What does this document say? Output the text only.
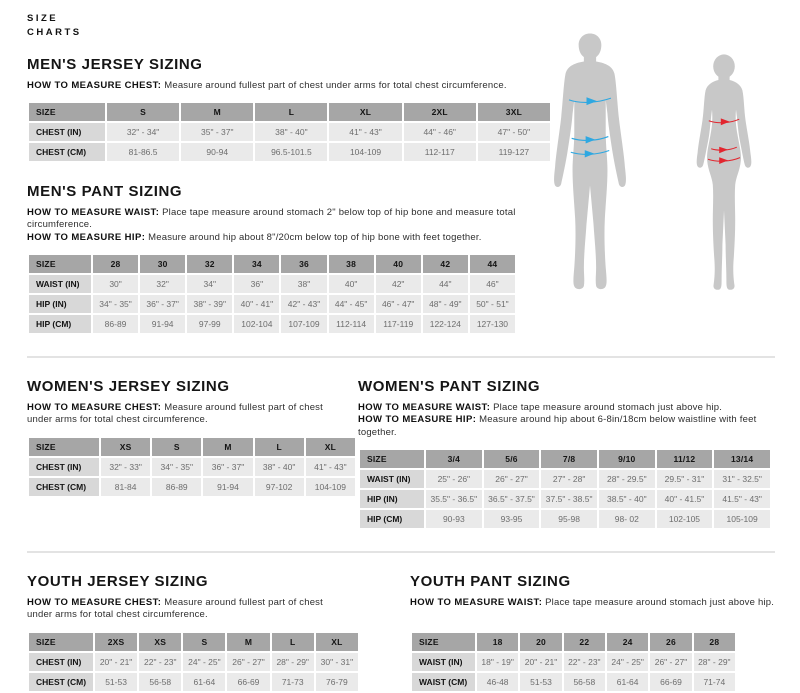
SIZE
CHARTS
MEN'S JERSEY SIZING

HOW TO MEASURE CHEST: Measure around fullest part of chest under arms for total chest circumference.

SIZE	S	M	L	XL	2XL	3XL
CHEST (IN)	32" - 34"	35" - 37"	38" - 40"	41" - 43"	44" - 46"	47" - 50"
CHEST (CM)	81-86.5	90-94	96.5-101.5	104-109	112-117	119-127
MEN'S PANT SIZING

HOW TO MEASURE WAIST: Place tape measure around stomach 2" below top of hip bone and measure total circumference.

HOW TO MEASURE HIP: Measure around hip about 8"/20cm below top of hip bone with feet together.

SIZE	28	30	32	34	36	38	40	42	44
WAIST (IN)	30"	32"	34"	36"	38"	40"	42"	44"	46"
HIP (IN)	34" - 35"	36" - 37"	38" - 39"	40" - 41"	42" - 43"	44" - 45"	46" - 47"	48" - 49"	50" - 51"
HIP (CM)	86-89	91-94	97-99	102-104	107-109	112-114	117-119	122-124	127-130
WOMEN'S JERSEY SIZING

HOW TO MEASURE CHEST: Measure around fullest part of chest under arms for total chest circumference.

SIZE	XS	S	M	L	XL
CHEST (IN)	32" - 33"	34" - 35"	36" - 37"	38" - 40"	41" - 43"
CHEST (CM)	81-84	86-89	91-94	97-102	104-109
WOMEN'S PANT SIZING

HOW TO MEASURE WAIST: Place tape measure around stomach just above hip.
HOW TO MEASURE HIP: Measure around hip about 6-8in/18cm below waistline with feet together.

SIZE	3/4	5/6	7/8	9/10	11/12	13/14
WAIST (IN)	25" - 26"	26" - 27"	27" - 28"	28" - 29.5"	29.5" - 31"	31" - 32.5"
HIP (IN)	35.5" - 36.5"	36.5" - 37.5"	37.5" - 38.5"	38.5" - 40"	40" - 41.5"	41.5" - 43"
HIP (CM)	90-93	93-95	95-98	98- 02	102-105	105-109
YOUTH JERSEY SIZING

HOW TO MEASURE CHEST: Measure around fullest part of chest under arms for total chest circumference.

SIZE	2XS	XS	S	M	L	XL
CHEST (IN)	20" - 21"	22" - 23"	24" - 25"	26" - 27"	28" - 29"	30" - 31"
CHEST (CM)	51-53	56-58	61-64	66-69	71-73	76-79
YOUTH PANT SIZING

HOW TO MEASURE WAIST: Place tape measure around stomach just above hip.

SIZE	18	20	22	24	26	28
WAIST (IN)	18" - 19"	20" - 21"	22" - 23"	24" - 25"	26" - 27"	28" - 29"
WAIST (CM)	46-48	51-53	56-58	61-64	66-69	71-74
